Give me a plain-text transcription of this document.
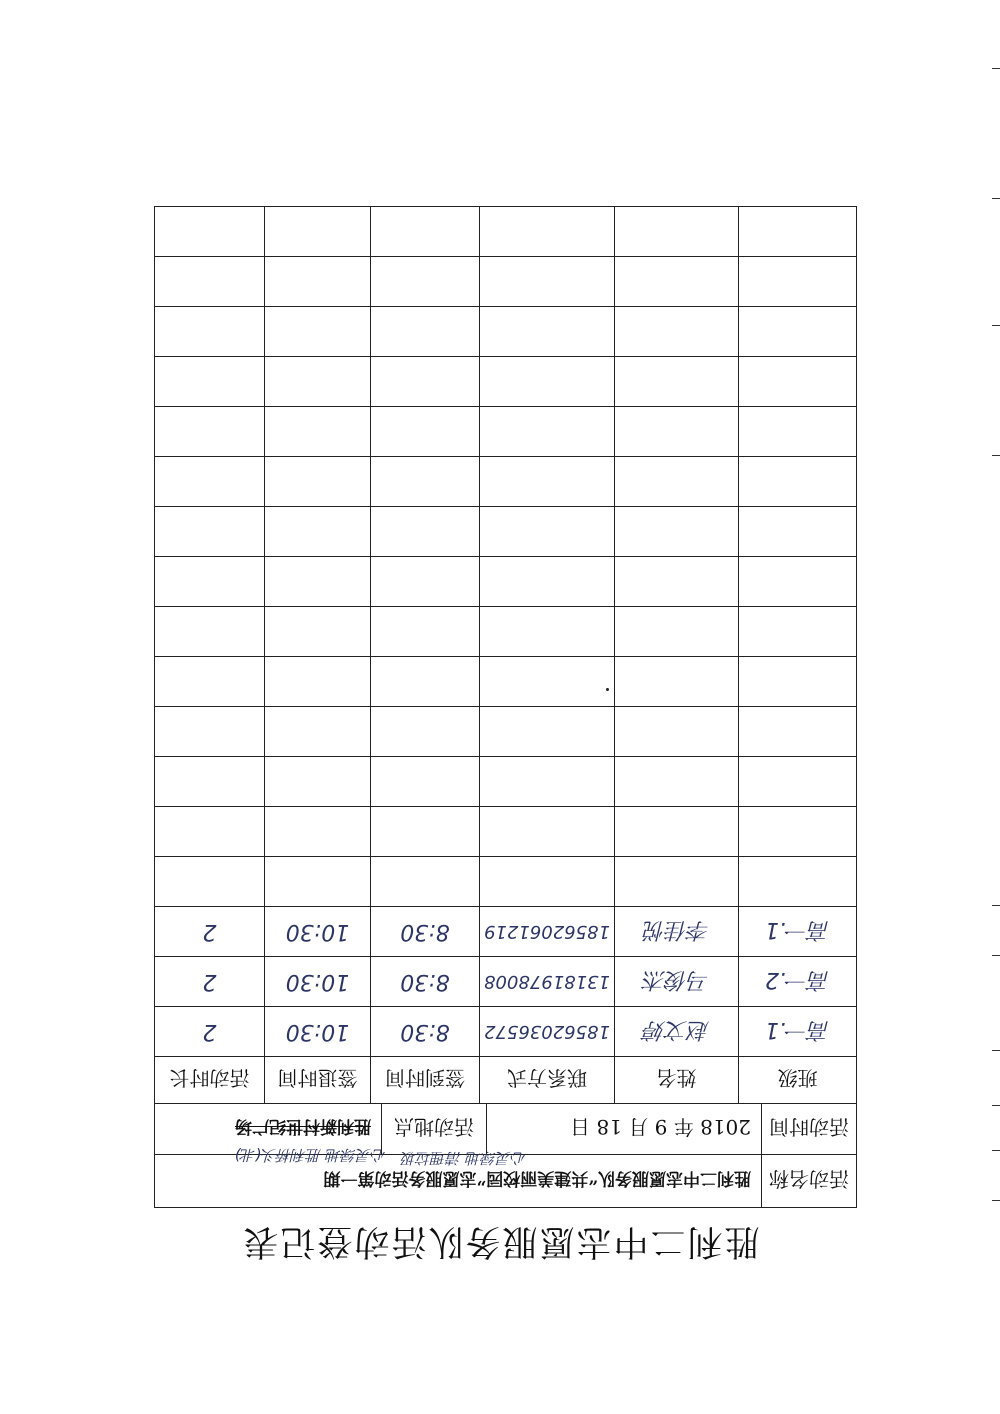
胜利二中志愿服务队活动登记表
活动名称
胜利二中志愿服务队“共建美丽校园”志愿服务活动第一期
心灵绿地 清理垃圾
活动时间
2018 年 9 月 18 日
活动地点
胜利新村世纪广场
心灵绿地 胜利桥头(北)
班级
姓名
联系方式
签到时间
签退时间
活动时长
高一.1
赵文婷
18562036572
8:30
10:30
2
高一.2
马俊杰
13181978008
8:30
10:30
2
高一.1
李佳悦
18562061219
8:30
10:30
2
